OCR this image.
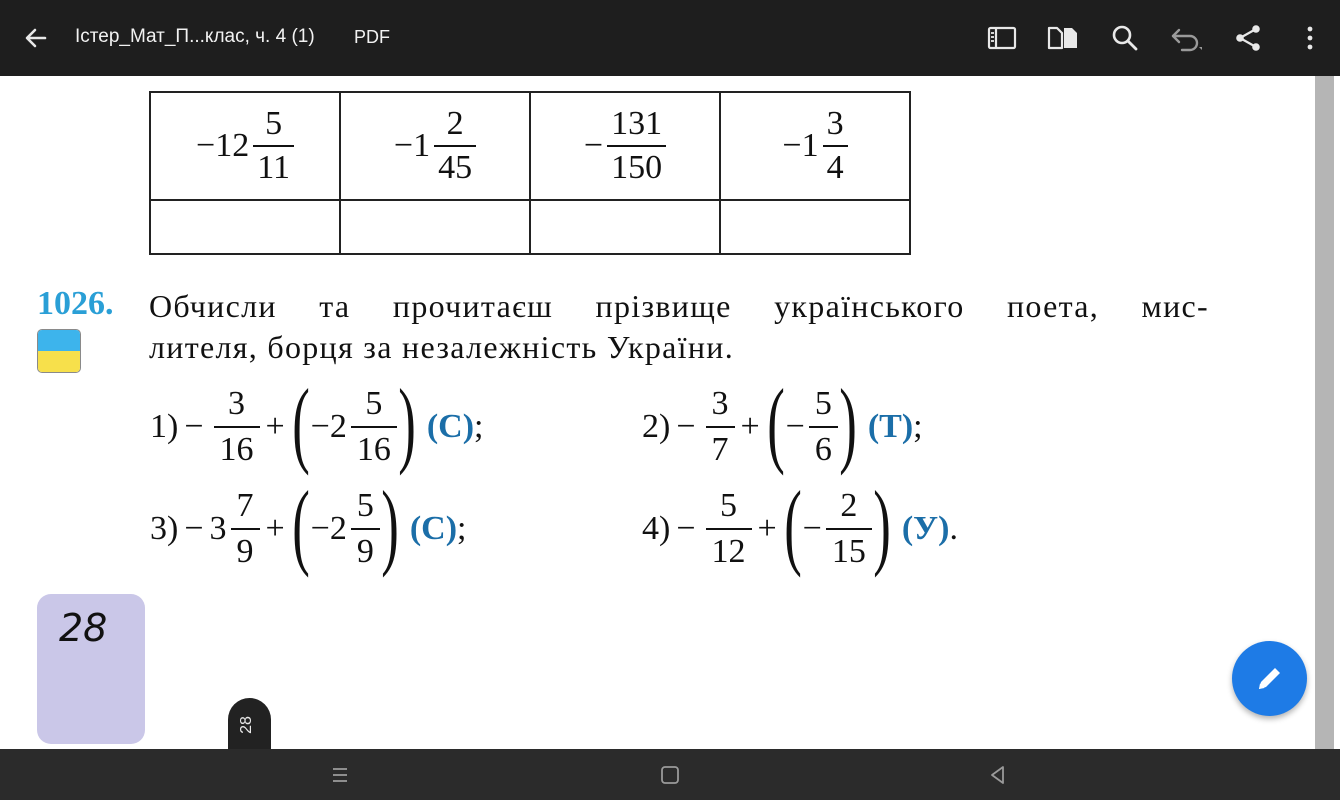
Істер_Мат_П...клас, ч. 4 (1) PDF
− $12 \frac{5}{11}$	− $1 \frac{2}{45}$	− $\frac{131}{150}$	− $1 \frac{3}{4}$

1026. Обчисли та прочитаєш прізвище українського поета, мис-
лителя, борця за незалежність України.
$1) - \frac{3}{16}$ + ( − $2 \frac{5}{16}$ ) (С) ;	$2) - \frac{3}{7}$ + ( − $\frac{5}{6}$ ) (Т) ;
$3) - 3 \frac{7}{9}$ + ( − $2 \frac{5}{9}$ ) (С) ;	$4) - \frac{5}{12}$ + ( − $\frac{2}{15}$ ) (У) .
28
28
